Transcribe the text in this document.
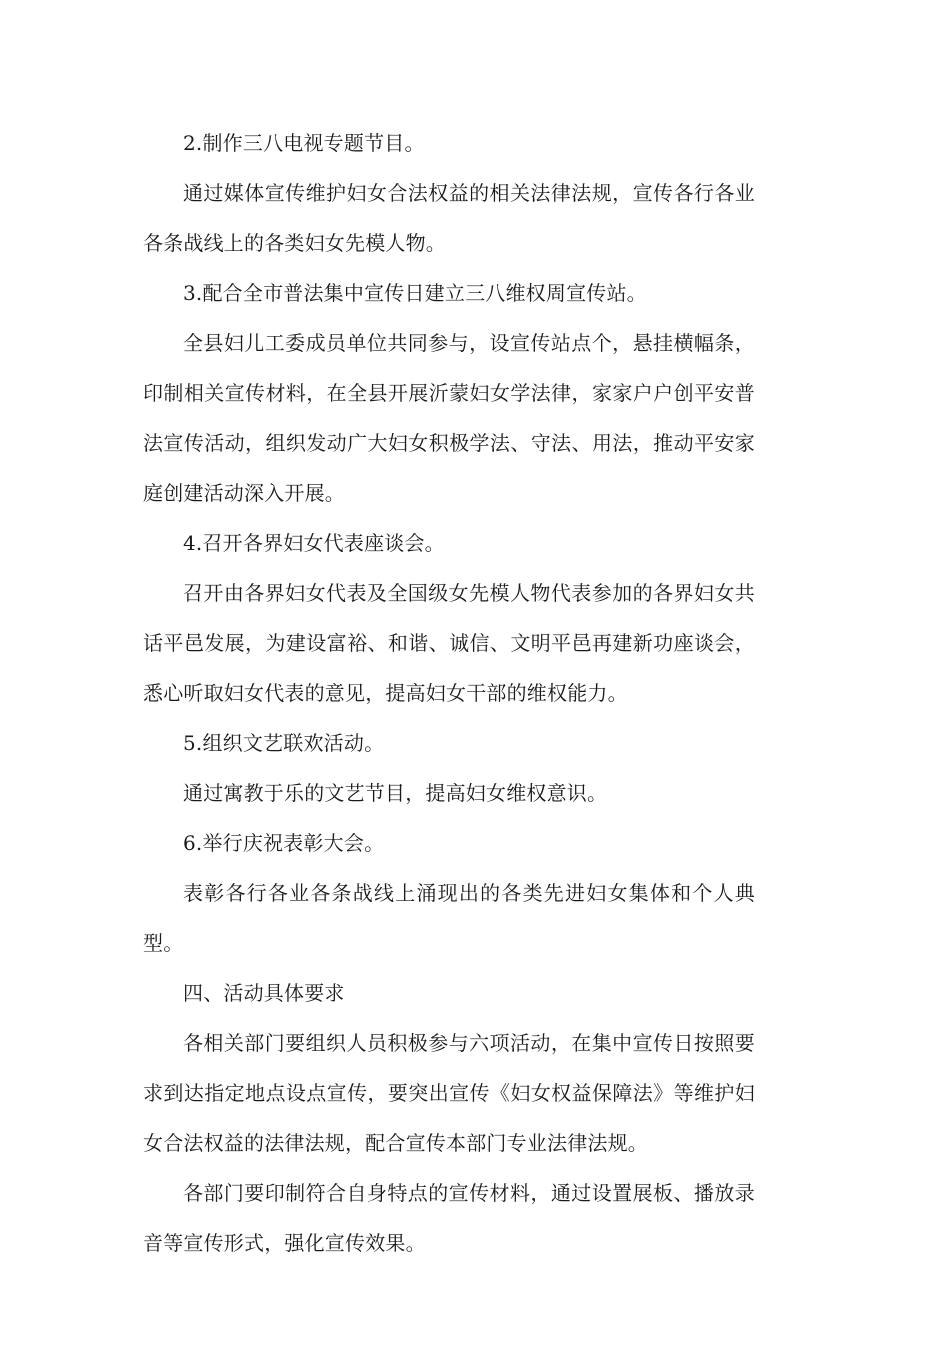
2.制作三八电视专题节目。

通过媒体宣传维护妇女合法权益的相关法律法规，宣传各行各业各条战线上的各类妇女先模人物。

3.配合全市普法集中宣传日建立三八维权周宣传站。

全县妇儿工委成员单位共同参与，设宣传站点个，悬挂横幅条，印制相关宣传材料，在全县开展沂蒙妇女学法律，家家户户创平安普法宣传活动，组织发动广大妇女积极学法、守法、用法，推动平安家庭创建活动深入开展。

4.召开各界妇女代表座谈会。

召开由各界妇女代表及全国级女先模人物代表参加的各界妇女共话平邑发展，为建设富裕、和谐、诚信、文明平邑再建新功座谈会，悉心听取妇女代表的意见，提高妇女干部的维权能力。

5.组织文艺联欢活动。

通过寓教于乐的文艺节目，提高妇女维权意识。

6.举行庆祝表彰大会。

表彰各行各业各条战线上涌现出的各类先进妇女集体和个人典型。

四、活动具体要求

各相关部门要组织人员积极参与六项活动，在集中宣传日按照要求到达指定地点设点宣传，要突出宣传《妇女权益保障法》等维护妇女合法权益的法律法规，配合宣传本部门专业法律法规。

各部门要印制符合自身特点的宣传材料，通过设置展板、播放录音等宣传形式，强化宣传效果。
